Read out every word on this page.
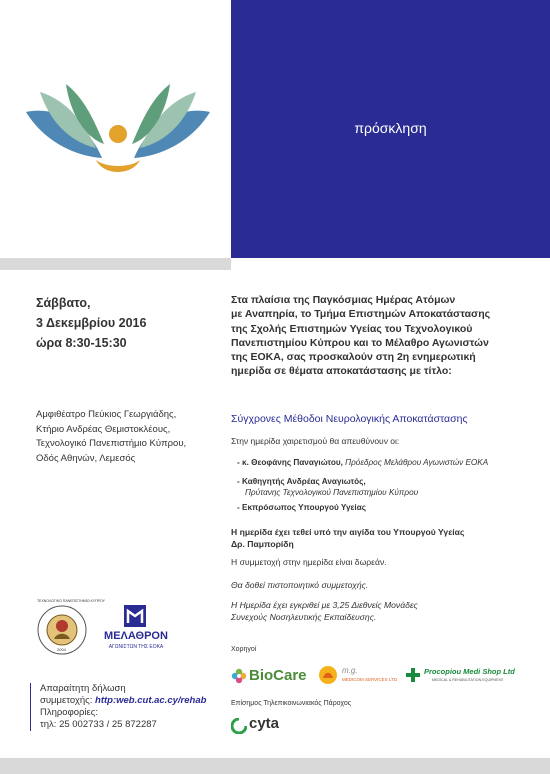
πρόσκληση
Σάββατο,
3 Δεκεμβρίου 2016
ώρα 8:30-15:30
Αμφιθέατρο Πεύκιος Γεωργιάδης,
Κτήριο Ανδρέας Θεμιστοκλέους,
Τεχνολογικό Πανεπιστήμιο Κύπρου,
Οδός Αθηνών, Λεμεσός
Στα πλαίσια της Παγκόσμιας Ημέρας Ατόμων
με Αναπηρία, το Τμήμα Επιστημών Αποκατάστασης
της Σχολής Επιστημών Υγείας του Τεχνολογικού
Πανεπιστημίου Κύπρου και το Μέλαθρο Αγωνιστών
της ΕΟΚΑ, σας προσκαλούν στη 2η ενημερωτική
ημερίδα σε θέματα αποκατάστασης με τίτλο:
Σύγχρονες Μέθοδοι Νευρολογικής Αποκατάστασης
Στην ημερίδα χαιρετισμού θα απευθύνουν οι:
- κ. Θεοφάνης Παναγιώτου, Πρόεδρος Μελάθρου Αγωνιστών ΕΟΚΑ
- Καθηγητής Ανδρέας Αναγιωτός,
Πρύτανης Τεχνολογικού Πανεπιστημίου Κύπρου
- Εκπρόσωπος Υπουργού Υγείας
Η ημερίδα έχει τεθεί υπό την αιγίδα του Υπουργού Υγείας
Δρ. Παμπορίδη
Η συμμετοχή στην ημερίδα είναι δωρεάν.
Θα δοθεί πιστοποιητικό συμμετοχής.
Η Ημερίδα έχει εγκριθεί με 3,25 Διεθνείς Μονάδες
Συνεχούς Νοσηλευτικής Εκπαίδευσης.
Χορηγοί
BioCare	m.g.
MEDICOM SERVICES LTD
Procopiou Medi Shop Ltd
MEDICAL & REHABILITATION EQUIPMENT
Επίσημος Τηλεπικοινωνιακός Πάροχος
cyta
ΤΕΧΝΟΛΟΓΙΚΟ ΠΑΝΕΠΙΣΤΗΜΙΟ ΚΥΠΡΟΥ
2004
ΜΕΛΑΘΡΟΝ
ΑΓΩΝΙΣΤΩΝ ΤΗΣ ΕΟΚΑ
Απαραίτητη δήλωση
συμμετοχής: http:web.cut.ac.cy/rehab
Πληροφορίες:
τηλ: 25 002733 / 25 872287
